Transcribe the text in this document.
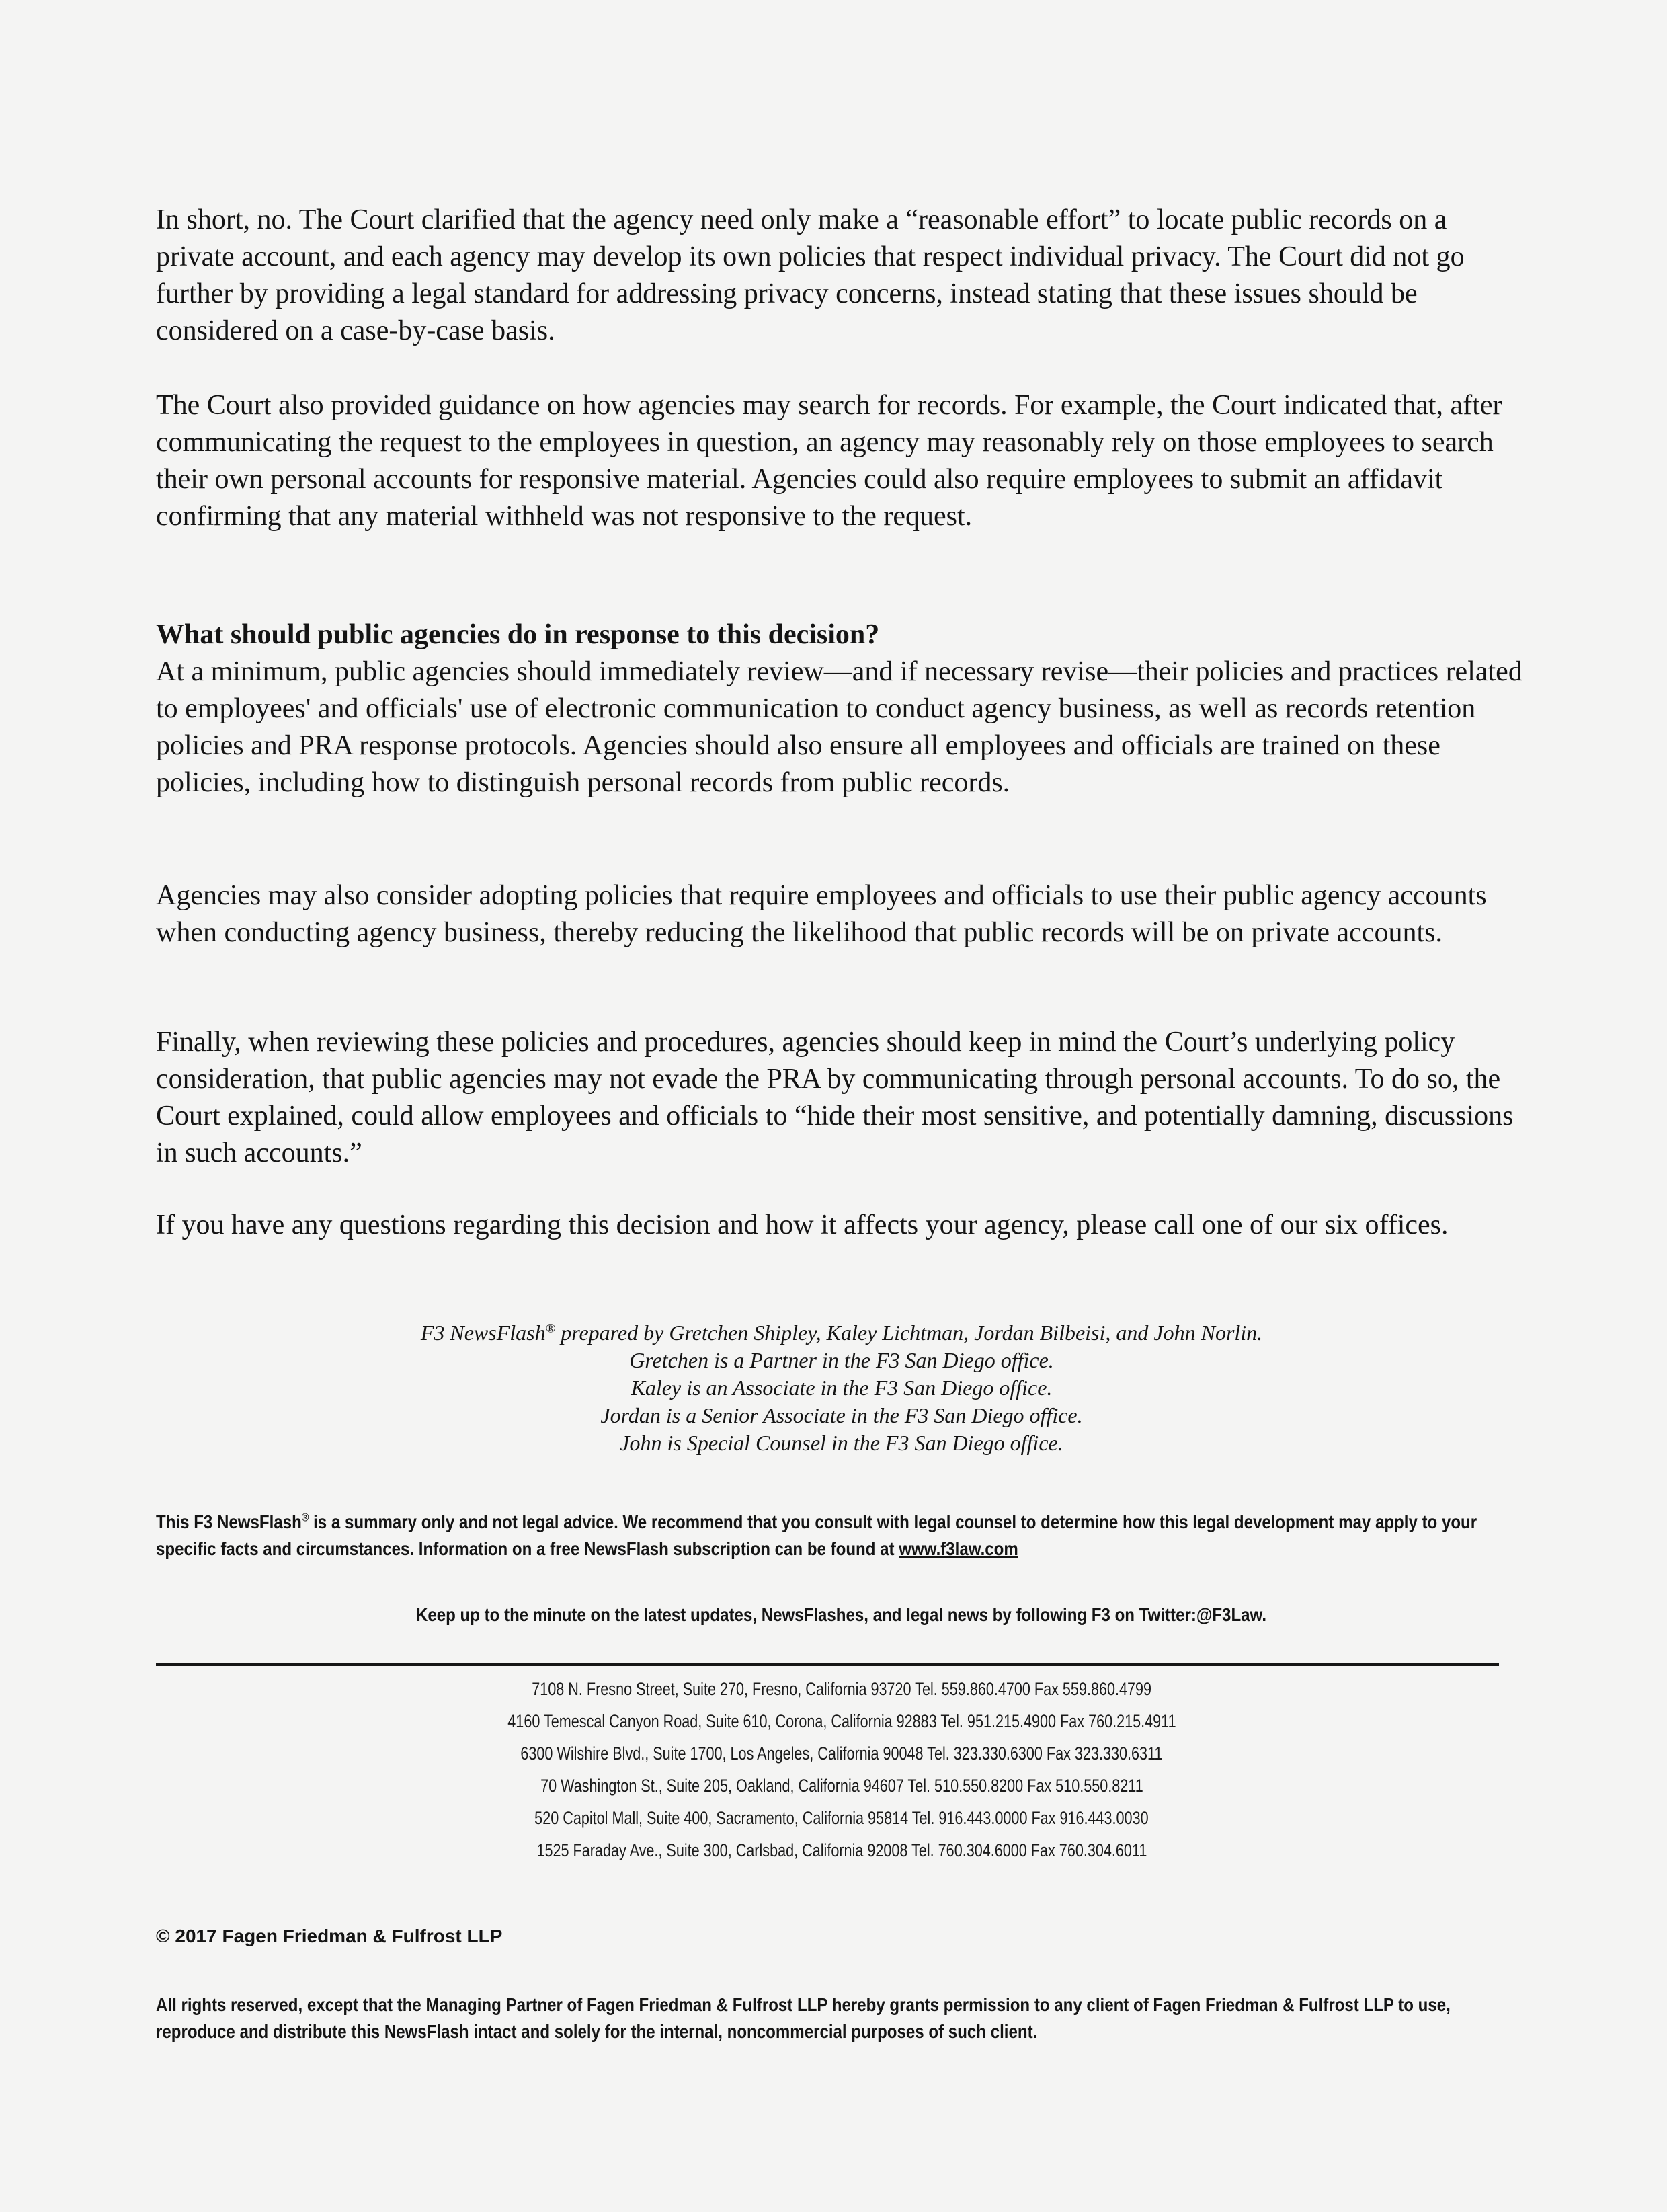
In short, no. The Court clarified that the agency need only make a “reasonable effort” to locate public records on a private account, and each agency may develop its own policies that respect individual privacy. The Court did not go further by providing a legal standard for addressing privacy concerns, instead stating that these issues should be considered on a case-by-case basis.

The Court also provided guidance on how agencies may search for records. For example, the Court indicated that, after communicating the request to the employees in question, an agency may reasonably rely on those employees to search their own personal accounts for responsive material. Agencies could also require employees to submit an affidavit confirming that any material withheld was not responsive to the request.

What should public agencies do in response to this decision?

At a minimum, public agencies should immediately review—and if necessary revise—their policies and practices related to employees' and officials' use of electronic communication to conduct agency business, as well as records retention policies and PRA response protocols. Agencies should also ensure all employees and officials are trained on these policies, including how to distinguish personal records from public records.

Agencies may also consider adopting policies that require employees and officials to use their public agency accounts when conducting agency business, thereby reducing the likelihood that public records will be on private accounts.

Finally, when reviewing these policies and procedures, agencies should keep in mind the Court’s underlying policy consideration, that public agencies may not evade the PRA by communicating through personal accounts. To do so, the Court explained, could allow employees and officials to “hide their most sensitive, and potentially damning, discussions in such accounts.”

If you have any questions regarding this decision and how it affects your agency, please call one of our six offices.

F3 NewsFlash® prepared by Gretchen Shipley, Kaley Lichtman, Jordan Bilbeisi, and John Norlin.
Gretchen is a Partner in the F3 San Diego office.
Kaley is an Associate in the F3 San Diego office.
Jordan is a Senior Associate in the F3 San Diego office.
John is Special Counsel in the F3 San Diego office.
This F3 NewsFlash® is a summary only and not legal advice. We recommend that you consult with legal counsel to determine how this legal development may apply to your specific facts and circumstances. Information on a free NewsFlash subscription can be found at www.f3law.com
Keep up to the minute on the latest updates, NewsFlashes, and legal news by following F3 on Twitter:@F3Law.
7108 N. Fresno Street, Suite 270, Fresno, California 93720 Tel. 559.860.4700 Fax 559.860.4799
4160 Temescal Canyon Road, Suite 610, Corona, California 92883 Tel. 951.215.4900 Fax 760.215.4911
6300 Wilshire Blvd., Suite 1700, Los Angeles, California 90048 Tel. 323.330.6300 Fax 323.330.6311
70 Washington St., Suite 205, Oakland, California 94607 Tel. 510.550.8200 Fax 510.550.8211
520 Capitol Mall, Suite 400, Sacramento, California 95814 Tel. 916.443.0000 Fax 916.443.0030
1525 Faraday Ave., Suite 300, Carlsbad, California 92008 Tel. 760.304.6000 Fax 760.304.6011
© 2017 Fagen Friedman & Fulfrost LLP
All rights reserved, except that the Managing Partner of Fagen Friedman & Fulfrost LLP hereby grants permission to any client of Fagen Friedman & Fulfrost LLP to use, reproduce and distribute this NewsFlash intact and solely for the internal, noncommercial purposes of such client.
